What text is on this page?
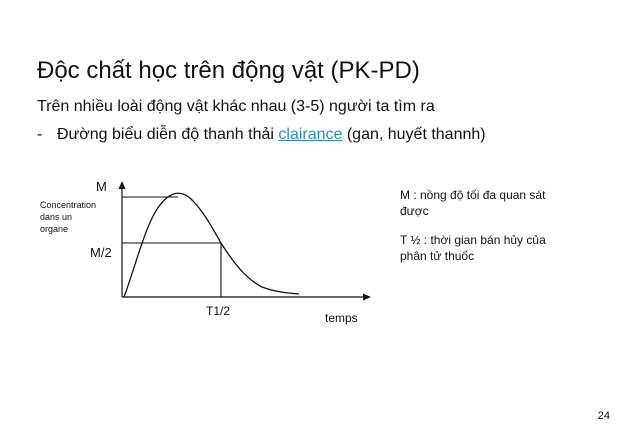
Độc chất học trên động vật (PK-PD)
Trên nhiều loài động vật khác nhau (3-5) người ta tìm ra
- Đường biểu diễn độ thanh thải clairance (gan, huyết thannh)
M
Concentration
dans un
organe
M/2
T1/2	temps
M : nồng độ tối đa quan sát
được
T ½ : thời gian bán hủy của
phân tử thuốc
24
